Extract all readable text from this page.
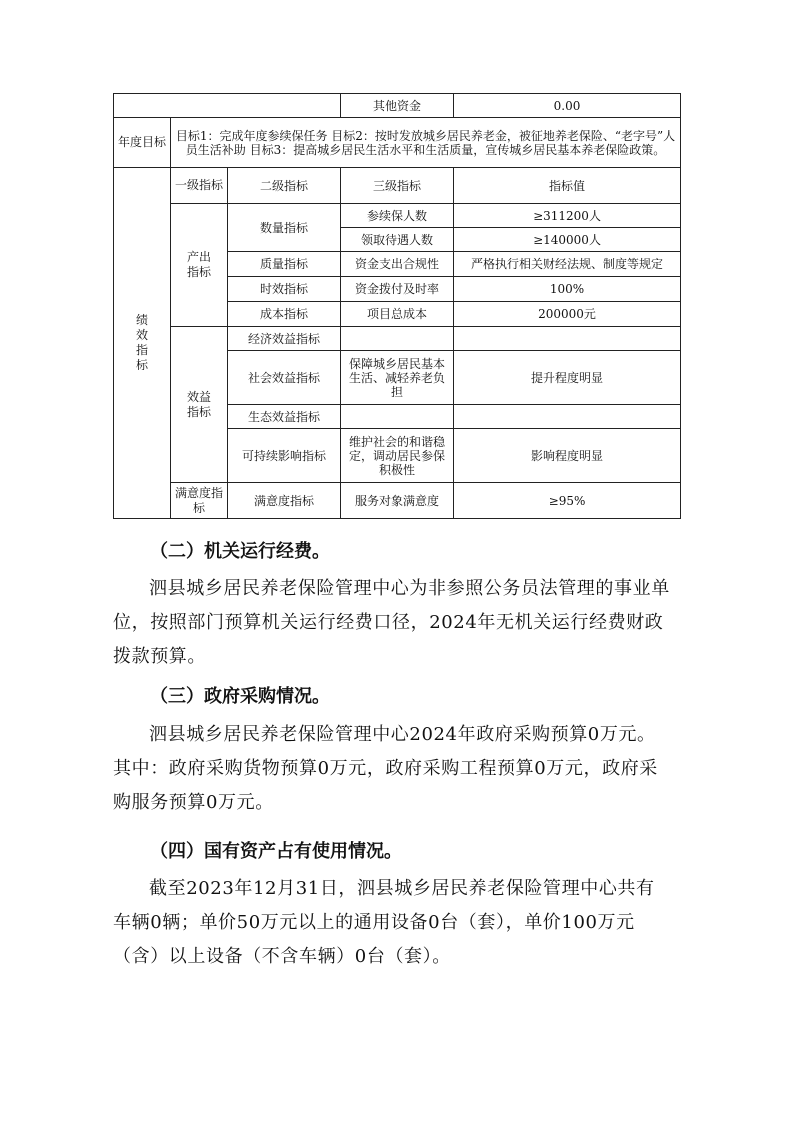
			其他资金	0.00
年度目标	目标1：完成年度参续保任务 目标2：按时发放城乡居民养老金，被征地养老保险、“老字号”人员生活补助 目标3：提高城乡居民生活水平和生活质量，宣传城乡居民基本养老保险政策。			
绩效指标	一级指标	二级指标	三级指标	指标值
	产出指标	数量指标	参续保人数	≥311200人
			领取待遇人数	≥140000人
		质量指标	资金支出合规性	严格执行相关财经法规、制度等规定
		时效指标	资金拨付及时率	100%
		成本指标	项目总成本	200000元
	效益指标	经济效益指标		
		社会效益指标	保障城乡居民基本生活、减轻养老负担	提升程度明显
		生态效益指标		
		可持续影响指标	维护社会的和谐稳定，调动居民参保积极性	影响程度明显
	满意度指标	满意度指标	服务对象满意度	≥95%
（二）机关运行经费。

泗县城乡居民养老保险管理中心为非参照公务员法管理的事业单位，按照部门预算机关运行经费口径，2024年无机关运行经费财政拨款预算。

（三）政府采购情况。

泗县城乡居民养老保险管理中心2024年政府采购预算0万元。其中：政府采购货物预算0万元，政府采购工程预算0万元，政府采购服务预算0万元。

（四）国有资产占有使用情况。

截至2023年12月31日，泗县城乡居民养老保险管理中心共有车辆0辆；单价50万元以上的通用设备0台（套），单价100万元（含）以上设备（不含车辆）0台（套）。
